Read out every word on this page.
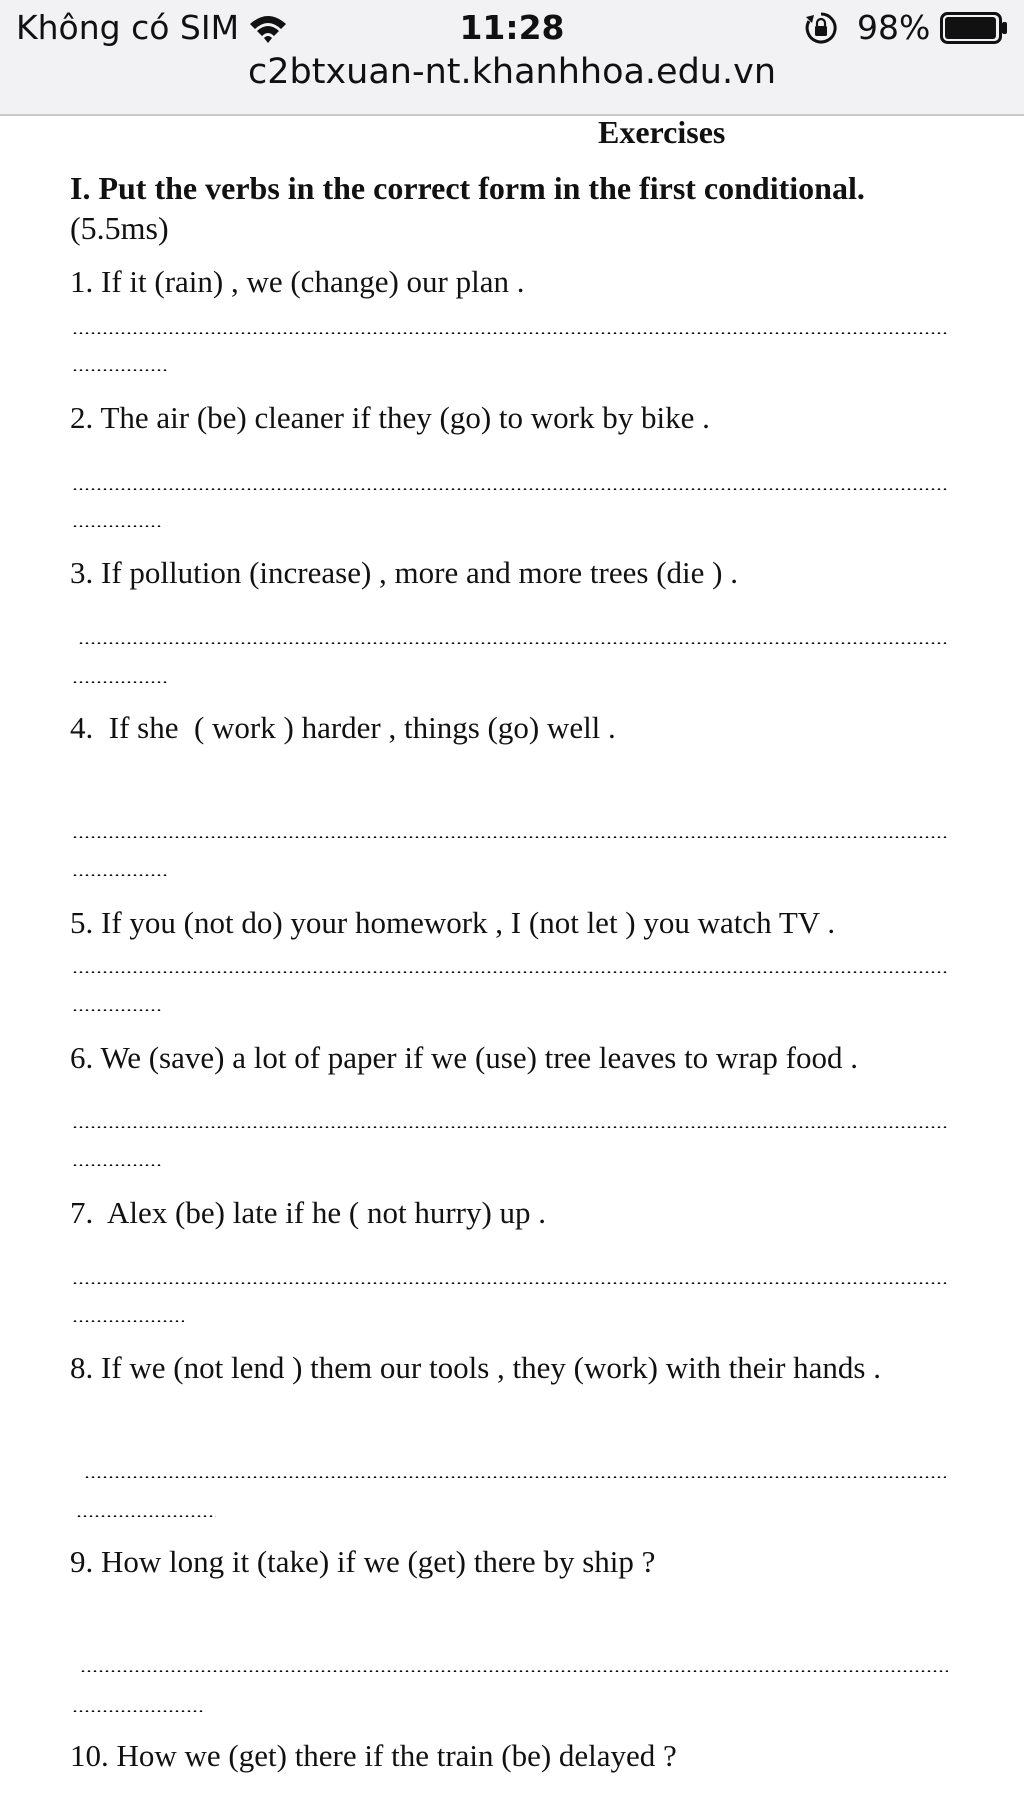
Không có SIM	11:28	98%
c2btxuan-nt.khanhhoa.edu.vn
Exercises
I. Put the verbs in the correct form in the first conditional.
(5.5ms)
1. If it (rain) , we (change) our plan .
2. The air (be) cleaner if they (go) to work by bike .
3. If pollution (increase) , more and more trees (die ) .
4.  If she  ( work ) harder , things (go) well .
5. If you (not do) your homework , I (not let ) you watch TV .
6. We (save) a lot of paper if we (use) tree leaves to wrap food .
7.  Alex (be) late if he ( not hurry) up .
8. If we (not lend ) them our tools , they (work) with their hands .
9. How long it (take) if we (get) there by ship ?
10. How we (get) there if the train (be) delayed ?
